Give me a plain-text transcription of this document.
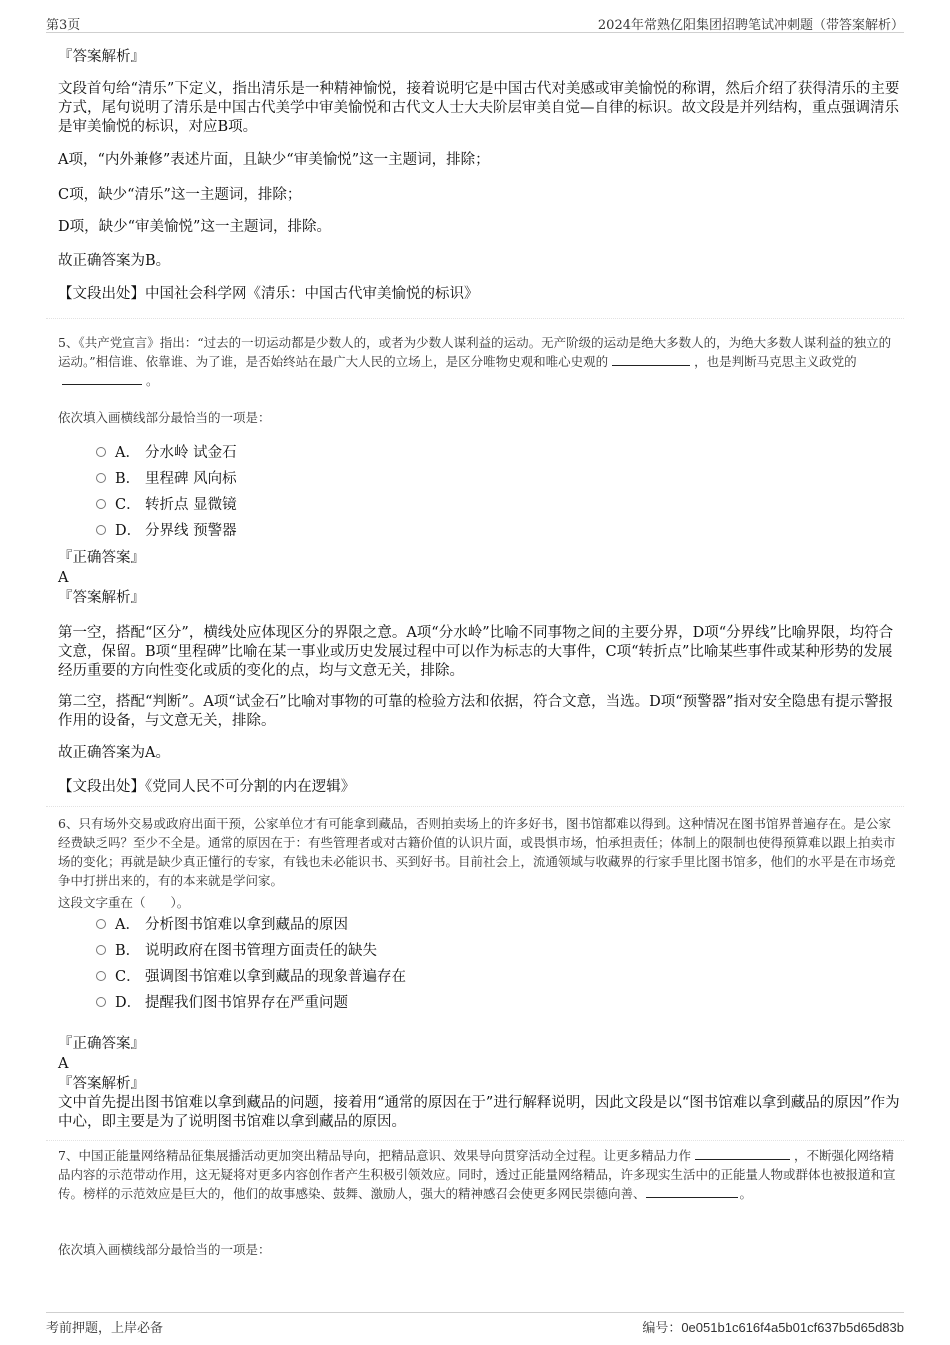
第3页	2024年常熟亿阳集团招聘笔试冲刺题（带答案解析）
『答案解析』

文段首句给“清乐”下定义，指出清乐是一种精神愉悦，接着说明它是中国古代对美感或审美愉悦的称谓，然后介绍了获得清乐的主要方式，尾句说明了清乐是中国古代美学中审美愉悦和古代文人士大夫阶层审美自觉—自律的标识。故文段是并列结构，重点强调清乐是审美愉悦的标识，对应B项。

A项，“内外兼修”表述片面，且缺少“审美愉悦”这一主题词，排除；

C项，缺少“清乐”这一主题词，排除；

D项，缺少“审美愉悦”这一主题词，排除。

故正确答案为B。

【文段出处】中国社会科学网《清乐：中国古代审美愉悦的标识》

5、《共产党宣言》指出：“过去的一切运动都是少数人的，或者为少数人谋利益的运动。无产阶级的运动是绝大多数人的，为绝大多数人谋利益的独立的运动。”相信谁、依靠谁、为了谁，是否始终站在最广大人民的立场上，是区分唯物史观和唯心史观的	，也是判断马克思主义政党的。

依次填入画横线部分最恰当的一项是：

A． 分水岭 试金石
B． 里程碑 风向标
C． 转折点 显微镜
D． 分界线 预警器
『正确答案』
A
『答案解析』

第一空，搭配“区分”，横线处应体现区分的界限之意。A项“分水岭”比喻不同事物之间的主要分界，D项“分界线”比喻界限，均符合文意，保留。B项“里程碑”比喻在某一事业或历史发展过程中可以作为标志的大事件，C项“转折点”比喻某些事件或某种形势的发展经历重要的方向性变化或质的变化的点，均与文意无关，排除。

第二空，搭配“判断”。A项“试金石”比喻对事物的可靠的检验方法和依据，符合文意，当选。D项“预警器”指对安全隐患有提示警报作用的设备，与文意无关，排除。

故正确答案为A。

【文段出处】《党同人民不可分割的内在逻辑》

6、只有场外交易或政府出面干预，公家单位才有可能拿到藏品，否则拍卖场上的许多好书，图书馆都难以得到。这种情况在图书馆界普遍存在。是公家经费缺乏吗？至少不全是。通常的原因在于：有些管理者或对古籍价值的认识片面，或畏惧市场，怕承担责任；体制上的限制也使得预算难以跟上拍卖市场的变化；再就是缺少真正懂行的专家，有钱也未必能识书、买到好书。目前社会上，流通领域与收藏界的行家手里比图书馆多，他们的水平是在市场竞争中打拼出来的，有的本来就是学问家。

这段文字重在（　　）。

A． 分析图书馆难以拿到藏品的原因
B． 说明政府在图书管理方面责任的缺失
C． 强调图书馆难以拿到藏品的现象普遍存在
D． 提醒我们图书馆界存在严重问题
『正确答案』
A
『答案解析』

文中首先提出图书馆难以拿到藏品的问题，接着用“通常的原因在于”进行解释说明，因此文段是以“图书馆难以拿到藏品的原因”作为中心，即主要是为了说明图书馆难以拿到藏品的原因。

7、中国正能量网络精品征集展播活动更加突出精品导向，把精品意识、效果导向贯穿活动全过程。让更多精品力作	，不断强化网络精品内容的示范带动作用，这无疑将对更多内容创作者产生积极引领效应。同时，透过正能量网络精品，许多现实生活中的正能量人物或群体也被报道和宣传。榜样的示范效应是巨大的，他们的故事感染、鼓舞、激励人，强大的精神感召会使更多网民崇德向善、	。

依次填入画横线部分最恰当的一项是：

考前押题，上岸必备	编号：0e051b1c616f4a5b01cf637b5d65d83b
